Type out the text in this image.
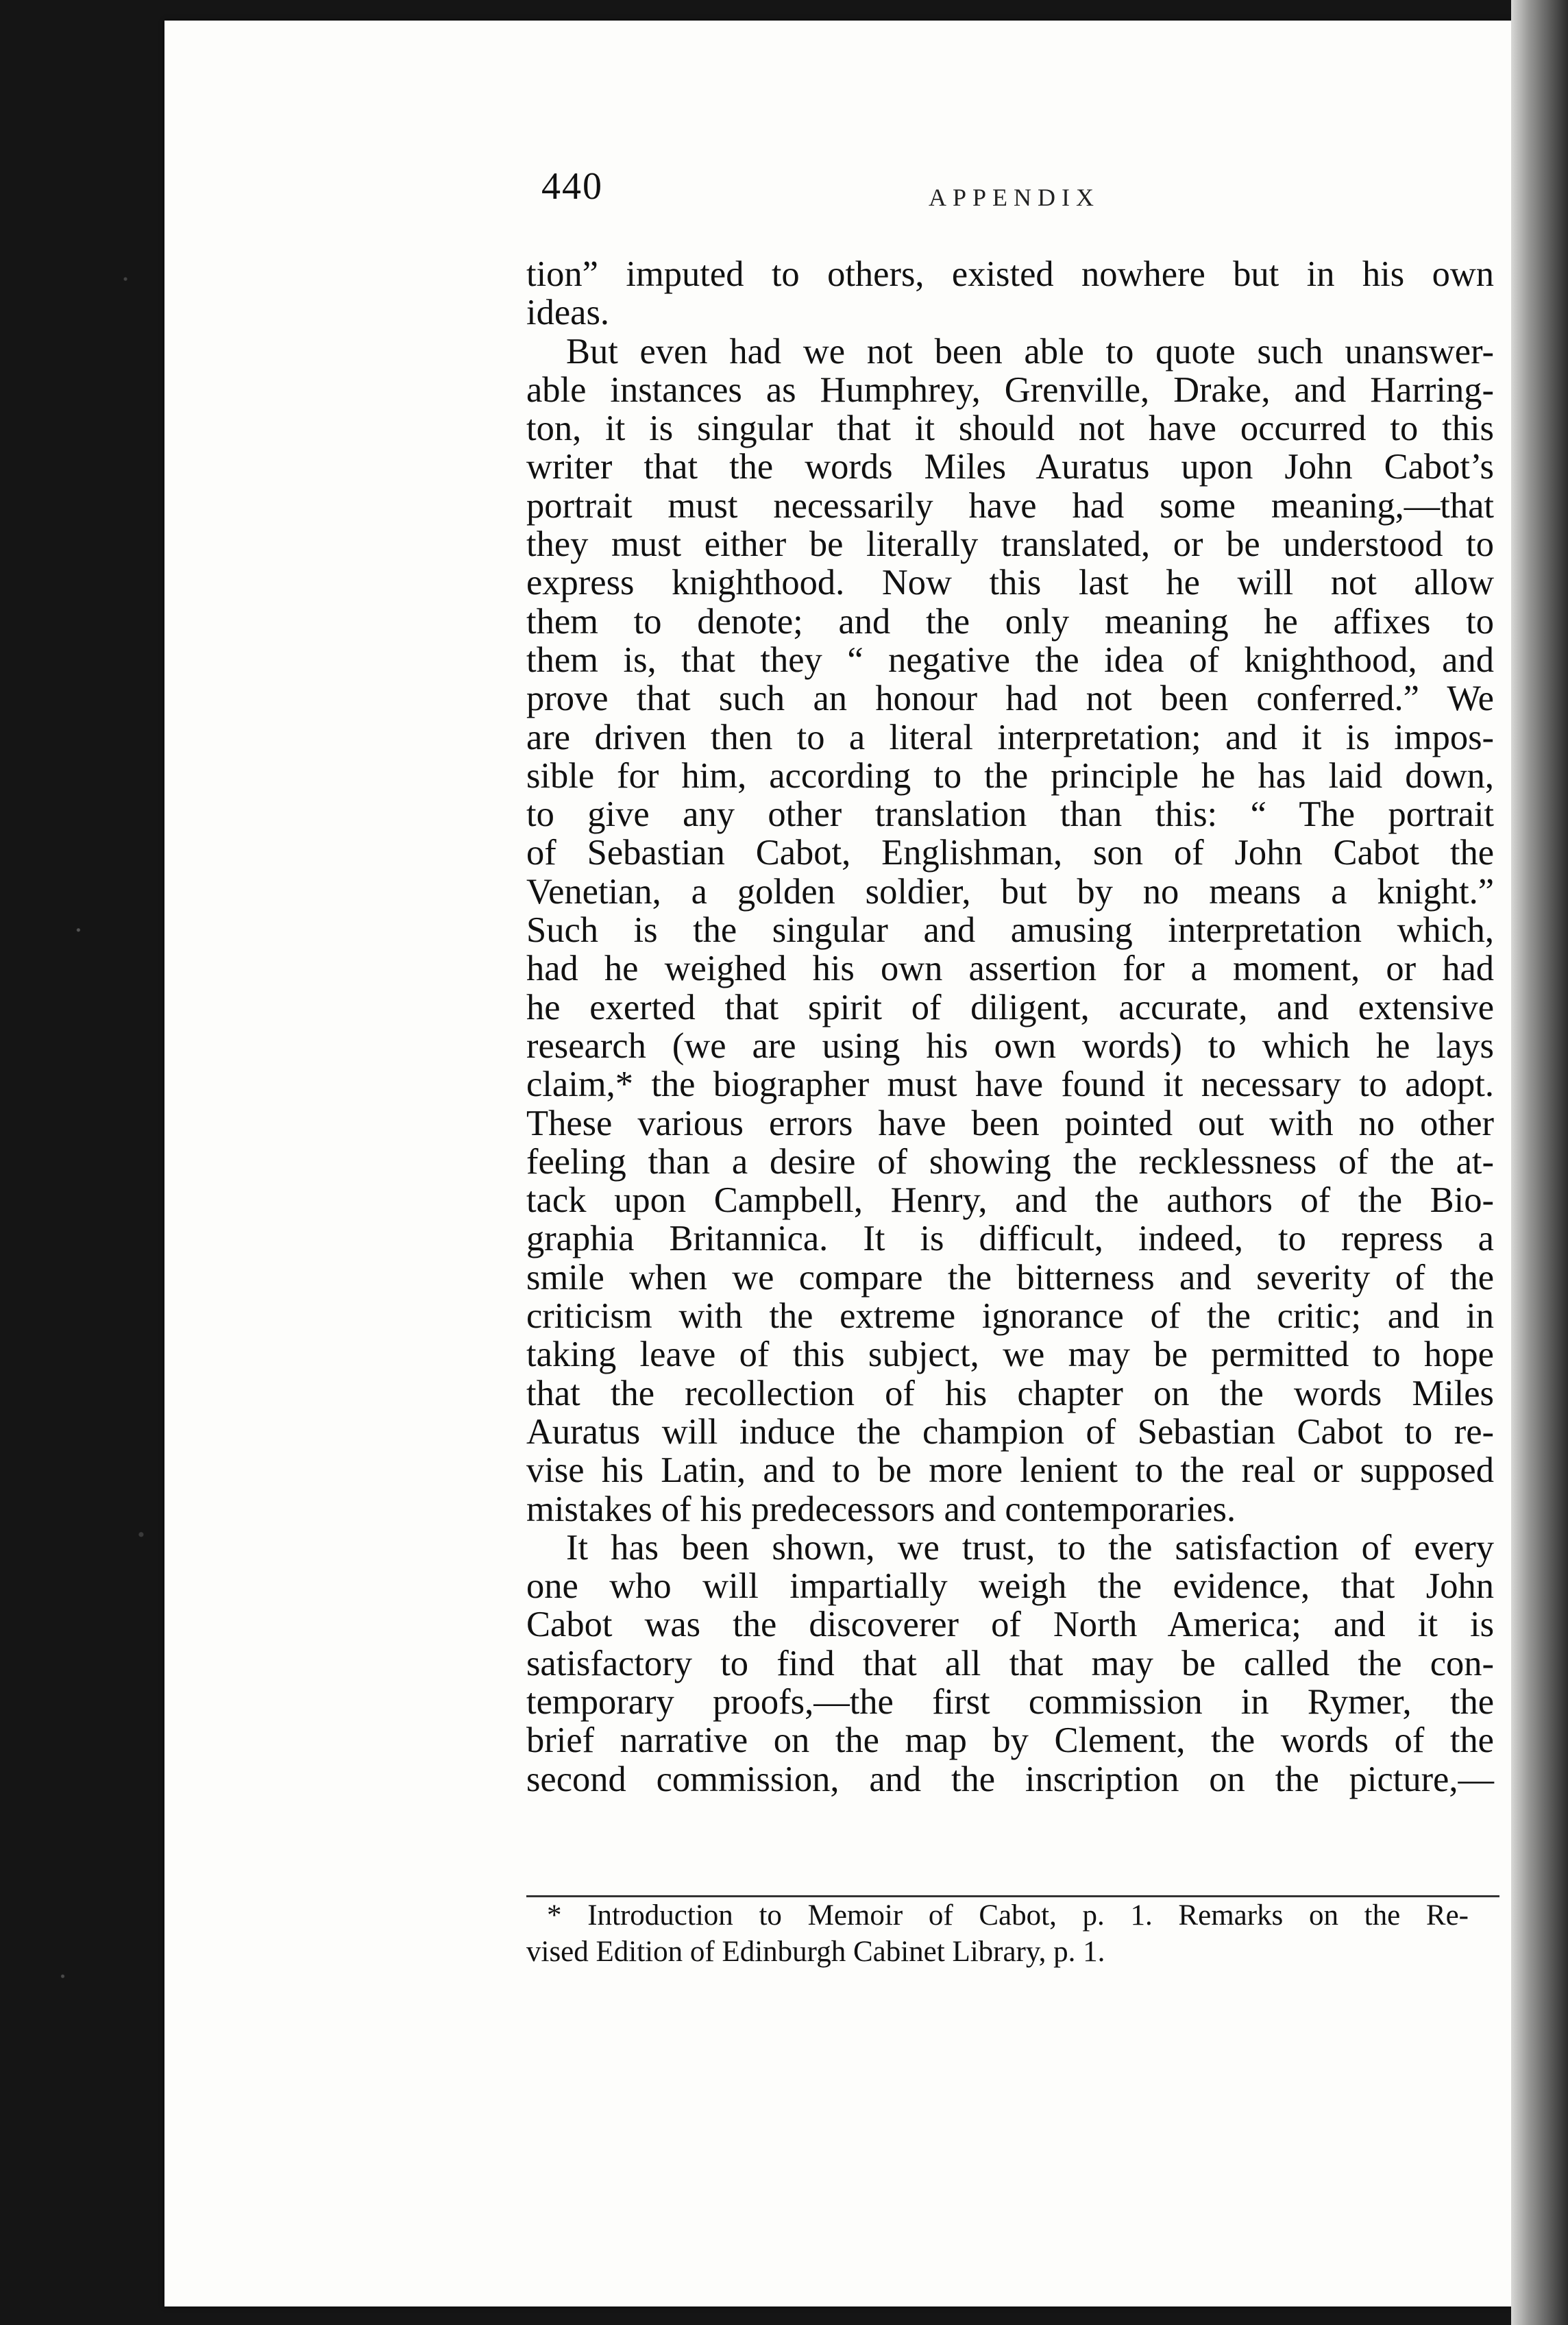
440	APPENDIX
tion” imputed to others, existed nowhere but in his own
ideas.
But even had we not been able to quote such unanswer-
able instances as Humphrey, Grenville, Drake, and Harring-
ton, it is singular that it should not have occurred to this
writer that the words Miles Auratus upon John Cabot’s
portrait must necessarily have had some meaning,—that
they must either be literally translated, or be understood to
express knighthood. Now this last he will not allow
them to denote; and the only meaning he affixes to
them is, that they “ negative the idea of knighthood, and
prove that such an honour had not been conferred.” We
are driven then to a literal interpretation; and it is impos-
sible for him, according to the principle he has laid down,
to give any other translation than this: “ The portrait
of Sebastian Cabot, Englishman, son of John Cabot the
Venetian, a golden soldier, but by no means a knight.”
Such is the singular and amusing interpretation which,
had he weighed his own assertion for a moment, or had
he exerted that spirit of diligent, accurate, and extensive
research (we are using his own words) to which he lays
claim,* the biographer must have found it necessary to adopt.
These various errors have been pointed out with no other
feeling than a desire of showing the recklessness of the at-
tack upon Campbell, Henry, and the authors of the Bio-
graphia Britannica. It is difficult, indeed, to repress a
smile when we compare the bitterness and severity of the
criticism with the extreme ignorance of the critic; and in
taking leave of this subject, we may be permitted to hope
that the recollection of his chapter on the words Miles
Auratus will induce the champion of Sebastian Cabot to re-
vise his Latin, and to be more lenient to the real or supposed
mistakes of his predecessors and contemporaries.
It has been shown, we trust, to the satisfaction of every
one who will impartially weigh the evidence, that John
Cabot was the discoverer of North America; and it is
satisfactory to find that all that may be called the con-
temporary proofs,—the first commission in Rymer, the
brief narrative on the map by Clement, the words of the
second commission, and the inscription on the picture,—
* Introduction to Memoir of Cabot, p. 1. Remarks on the Re-
vised Edition of Edinburgh Cabinet Library, p. 1.
